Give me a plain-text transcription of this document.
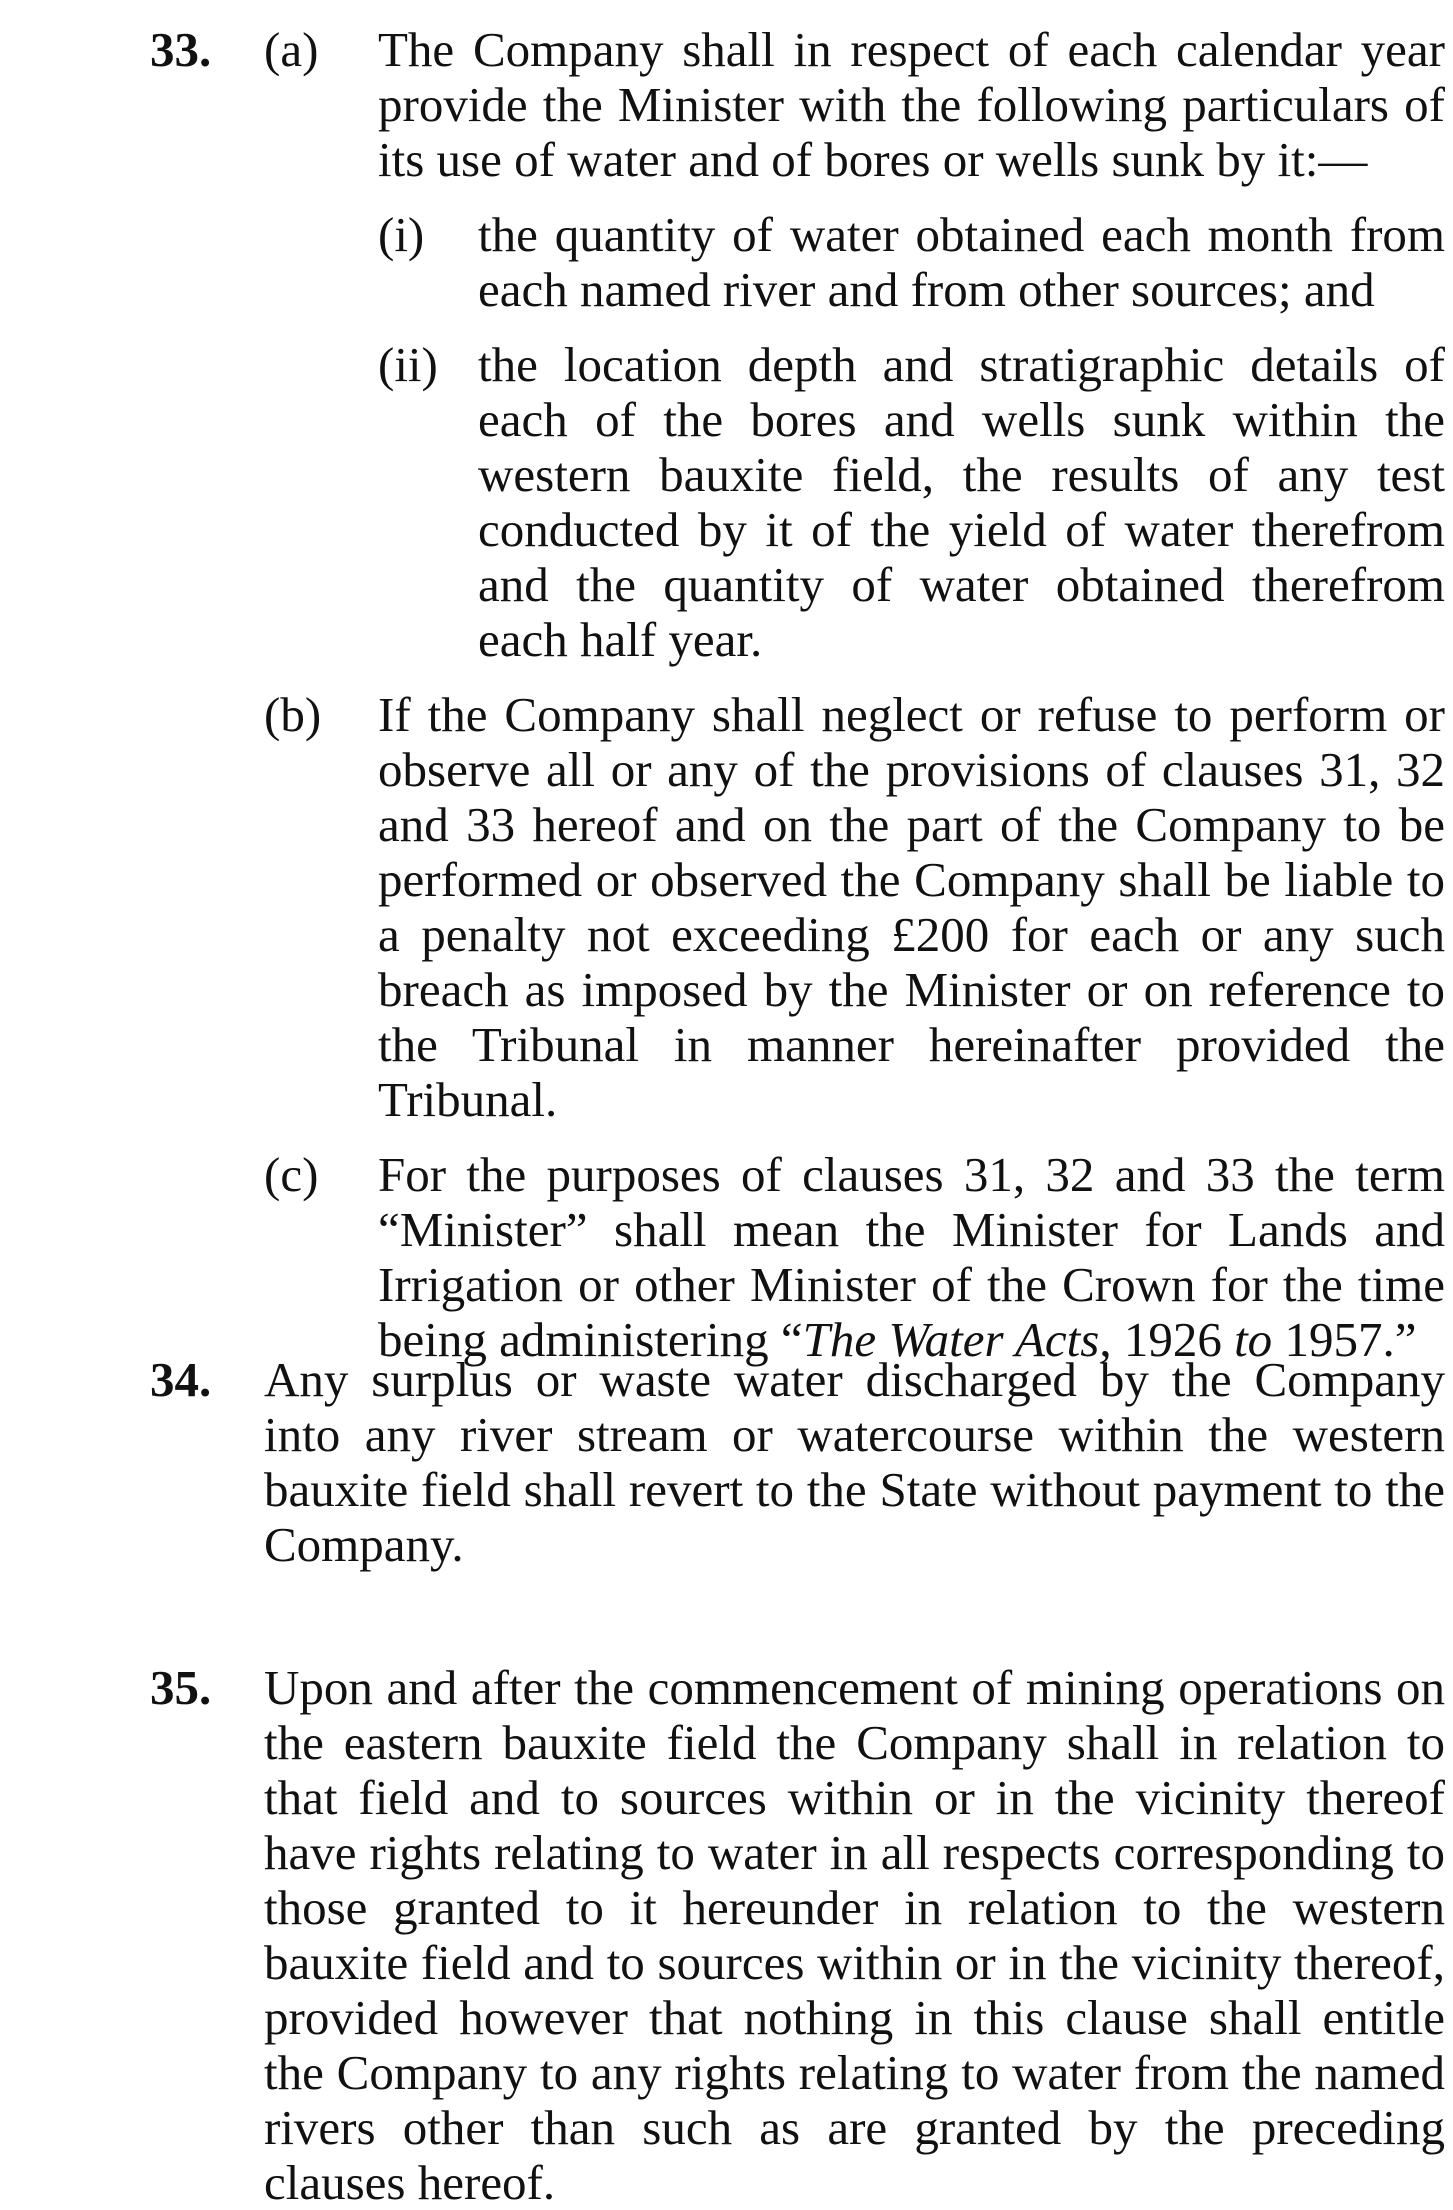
33.	(a)	The Company shall in respect of each calendar year provide the Minister with the following particulars of its use of water and of bores or wells sunk by it:—

(i)	the quantity of water obtained each month from each named river and from other sources; and

(ii) the location depth and stratigraphic details of each of the bores and wells sunk within the western bauxite field, the results of any test conducted by it of the yield of water therefrom and the quantity of water obtained therefrom each half year.

(b)	If the Company shall neglect or refuse to perform or observe all or any of the provisions of clauses 31, 32 and 33 hereof and on the part of the Company to be performed or observed the Company shall be liable to a penalty not exceeding £200 for each or any such breach as imposed by the Minister or on reference to the Tribunal in manner hereinafter provided the Tribunal.

(c)	For the purposes of clauses 31, 32 and 33 the term “Minister” shall mean the Minister for Lands and Irrigation or other Minister of the Crown for the time being administering “The Water Acts, 1926 to 1957.”

34.	Any surplus or waste water discharged by the Company into any river stream or watercourse within the western bauxite field shall revert to the State without payment to the Company.

35.	Upon and after the commencement of mining operations on the eastern bauxite field the Company shall in relation to that field and to sources within or in the vicinity thereof have rights relating to water in all respects corresponding to those granted to it hereunder in relation to the western bauxite field and to sources within or in the vicinity thereof, provided however that nothing in this clause shall entitle the Company to any rights relating to water from the named rivers other than such as are granted by the preceding clauses hereof.
